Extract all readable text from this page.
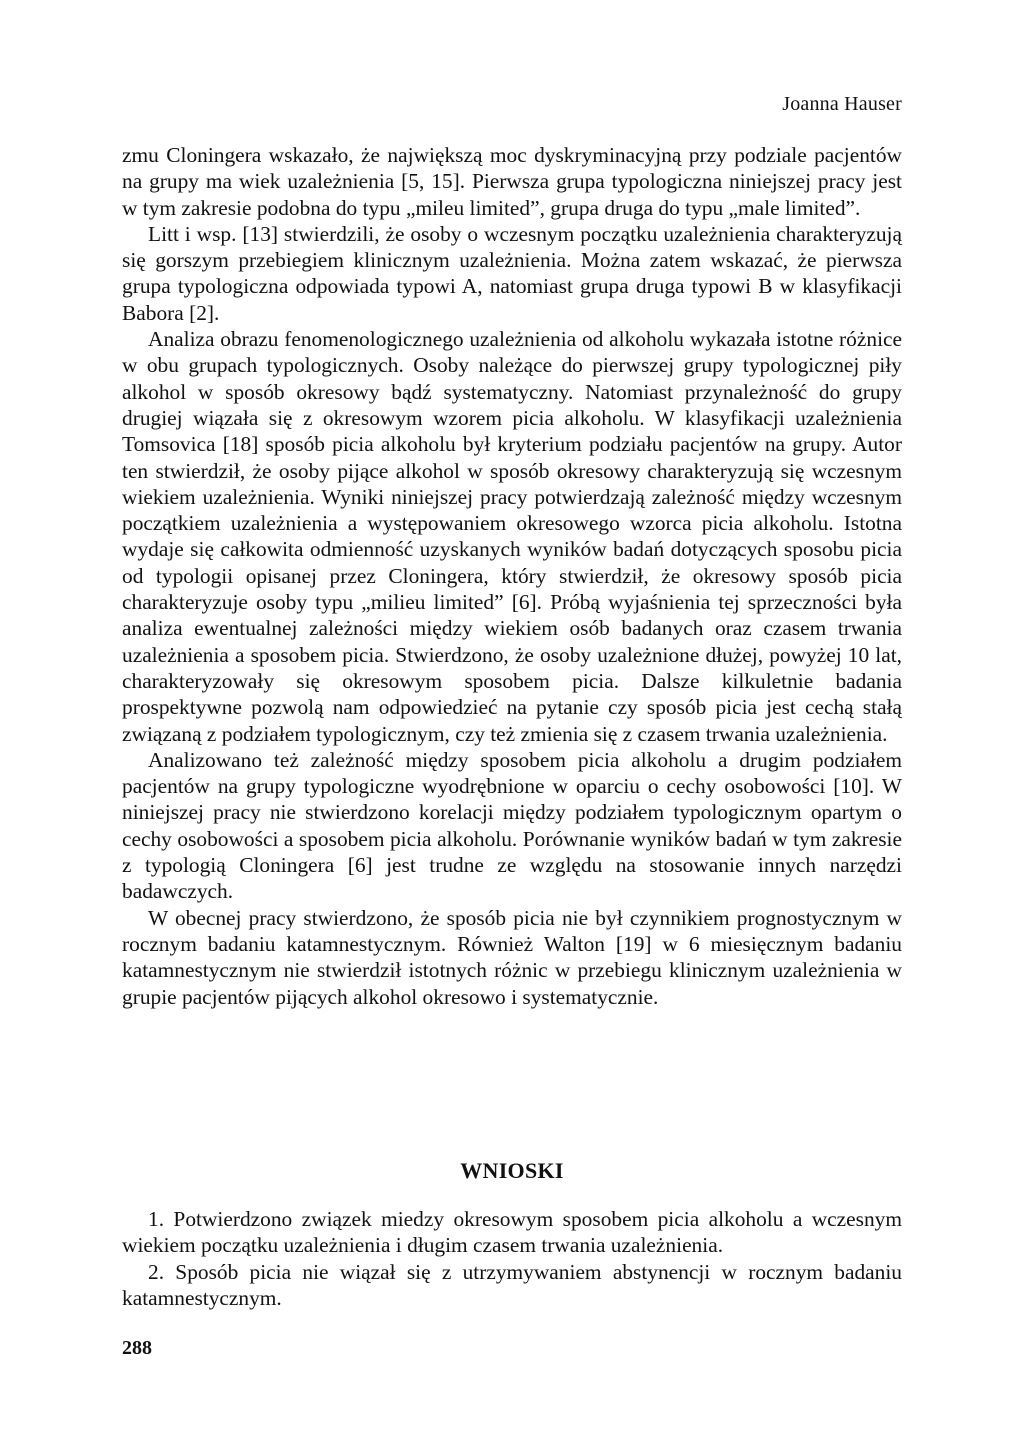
Joanna Hauser

zmu Cloningera wskazało, że największą moc dyskryminacyjną przy podziale pacjentów na grupy ma wiek uzależnienia [5, 15]. Pierwsza grupa typologiczna niniejszej pracy jest w tym zakresie podobna do typu „mileu limited”, grupa druga do typu „male limited”.

Litt i wsp. [13] stwierdzili, że osoby o wczesnym początku uzależnienia charakteryzują się gorszym przebiegiem klinicznym uzależnienia. Można zatem wskazać, że pierwsza grupa typologiczna odpowiada typowi A, natomiast grupa druga typowi B w klasyfikacji Babora [2].

Analiza obrazu fenomenologicznego uzależnienia od alkoholu wykazała istotne różnice w obu grupach typologicznych. Osoby należące do pierwszej grupy typologicznej piły alkohol w sposób okresowy bądź systematyczny. Natomiast przynależność do grupy drugiej wiązała się z okresowym wzorem picia alkoholu. W klasyfikacji uzależnienia Tomsovica [18] sposób picia alkoholu był kryterium podziału pacjentów na grupy. Autor ten stwierdził, że osoby pijące alkohol w sposób okresowy charakteryzują się wczesnym wiekiem uzależnienia. Wyniki niniejszej pracy potwierdzają zależność między wczesnym początkiem uzależnienia a występowaniem okresowego wzorca picia alkoholu. Istotna wydaje się całkowita odmienność uzyskanych wyników badań dotyczących sposobu picia od typologii opisanej przez Cloningera, który stwierdził, że okresowy sposób picia charakteryzuje osoby typu „milieu limited” [6]. Próbą wyjaśnienia tej sprzeczności była analiza ewentualnej zależności między wiekiem osób badanych oraz czasem trwania uzależnienia a sposobem picia. Stwierdzono, że osoby uzależnione dłużej, powyżej 10 lat, charakteryzowały się okresowym sposobem picia. Dalsze kilkuletnie badania prospektywne pozwolą nam odpowiedzieć na pytanie czy sposób picia jest cechą stałą związaną z podziałem typologicznym, czy też zmienia się z czasem trwania uzależnienia.

Analizowano też zależność między sposobem picia alkoholu a drugim podziałem pacjentów na grupy typologiczne wyodrębnione w oparciu o cechy osobowości [10]. W niniejszej pracy nie stwierdzono korelacji między podziałem typologicznym opartym o cechy osobowości a sposobem picia alkoholu. Porównanie wyników badań w tym zakresie z typologią Cloningera [6] jest trudne ze względu na stosowanie innych narzędzi badawczych.

W obecnej pracy stwierdzono, że sposób picia nie był czynnikiem prognostycznym w rocznym badaniu katamnestycznym. Również Walton [19] w 6 miesięcznym badaniu katamnestycznym nie stwierdził istotnych różnic w przebiegu klinicznym uzależnienia w grupie pacjentów pijących alkohol okresowo i systematycznie.

WNIOSKI

1. Potwierdzono związek miedzy okresowym sposobem picia alkoholu a wczesnym wiekiem początku uzależnienia i długim czasem trwania uzależnienia.

2. Sposób picia nie wiązał się z utrzymywaniem abstynencji w rocznym badaniu katamnestycznym.

288
